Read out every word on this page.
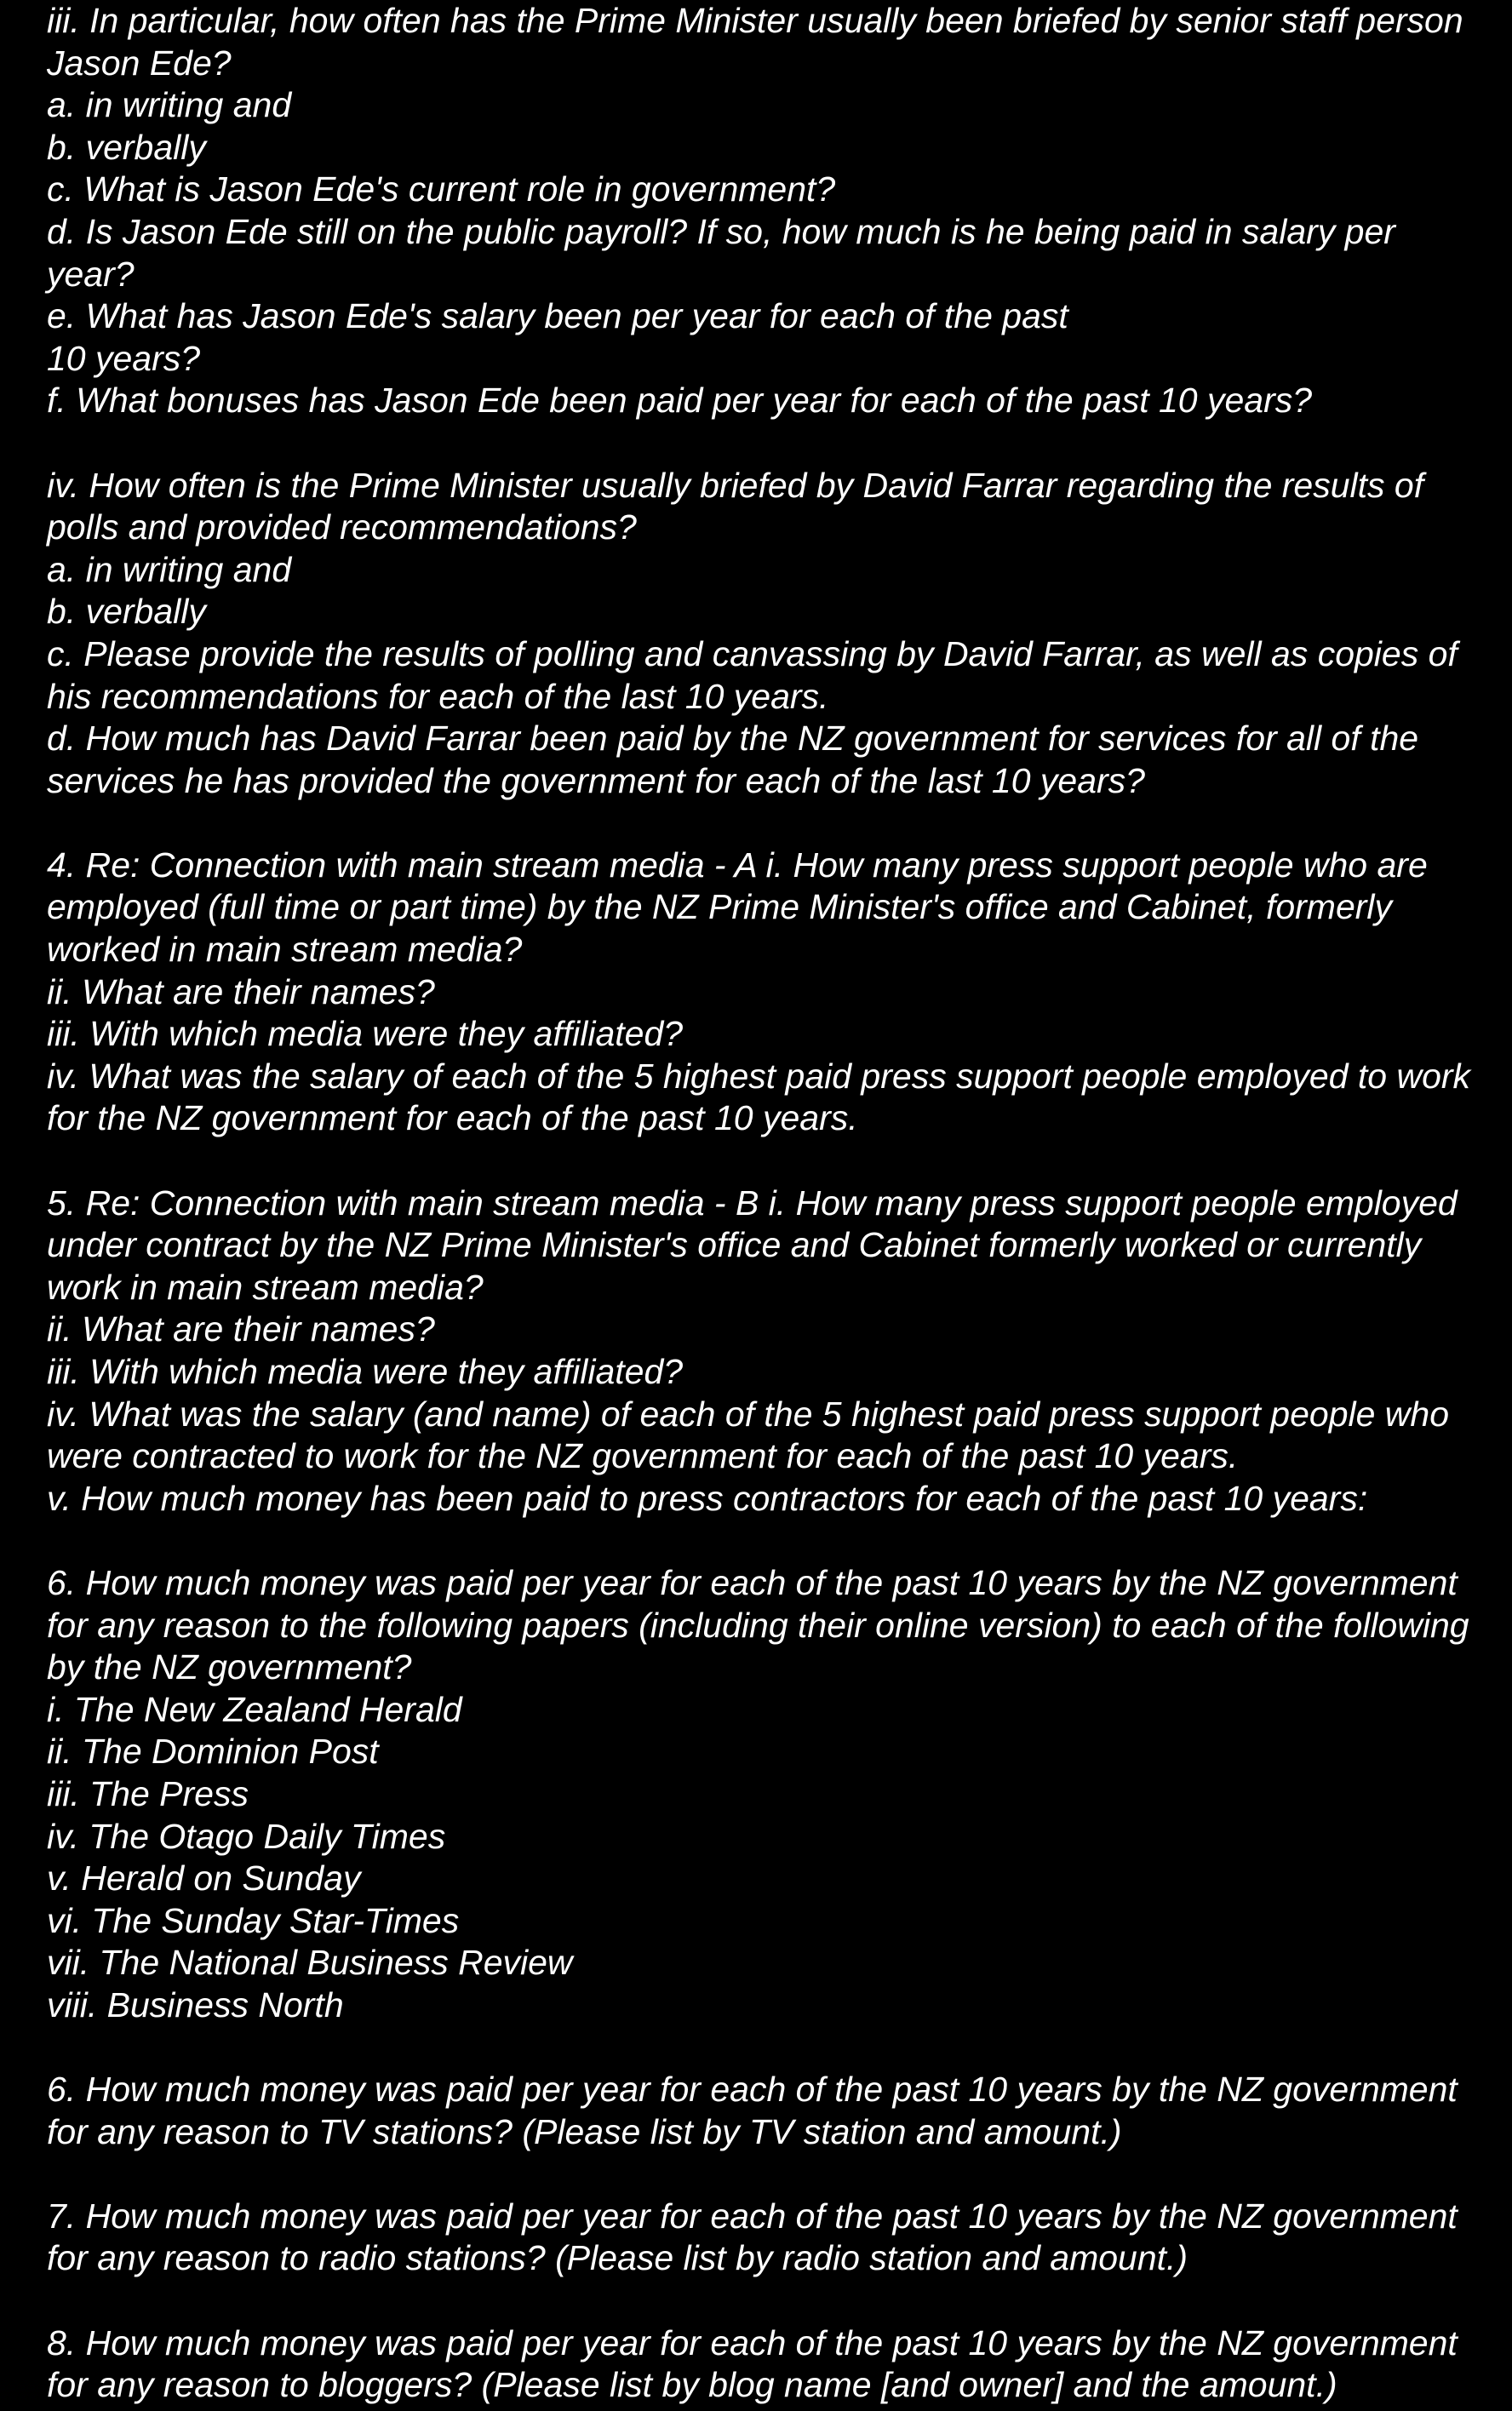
iii. In particular, how often has the Prime Minister usually been briefed by senior staff person
Jason Ede?
a. in writing and
b. verbally
c. What is Jason Ede's current role in government?
d. Is Jason Ede still on the public payroll? If so, how much is he being paid in salary per
year?
e. What has Jason Ede's salary been per year for each of the past
10 years?
f. What bonuses has Jason Ede been paid per year for each of the past 10 years?
iv. How often is the Prime Minister usually briefed by David Farrar regarding the results of
polls and provided recommendations?
a. in writing and
b. verbally
c. Please provide the results of polling and canvassing by David Farrar, as well as copies of
his recommendations for each of the last 10 years.
d. How much has David Farrar been paid by the NZ government for services for all of the
services he has provided the government for each of the last 10 years?
4. Re: Connection with main stream media - A i. How many press support people who are
employed (full time or part time) by the NZ Prime Minister's office and Cabinet, formerly
worked in main stream media?
ii. What are their names?
iii. With which media were they affiliated?
iv. What was the salary of each of the 5 highest paid press support people employed to work
for the NZ government for each of the past 10 years.
5. Re: Connection with main stream media - B i. How many press support people employed
under contract by the NZ Prime Minister's office and Cabinet formerly worked or currently
work in main stream media?
ii. What are their names?
iii. With which media were they affiliated?
iv. What was the salary (and name) of each of the 5 highest paid press support people who
were contracted to work for the NZ government for each of the past 10 years.
v. How much money has been paid to press contractors for each of the past 10 years:
6. How much money was paid per year for each of the past 10 years by the NZ government
for any reason to the following papers (including their online version) to each of the following
by the NZ government?
i. The New Zealand Herald
ii. The Dominion Post
iii. The Press
iv. The Otago Daily Times
v. Herald on Sunday
vi. The Sunday Star-Times
vii. The National Business Review
viii. Business North
6. How much money was paid per year for each of the past 10 years by the NZ government
for any reason to TV stations? (Please list by TV station and amount.)
7. How much money was paid per year for each of the past 10 years by the NZ government
for any reason to radio stations? (Please list by radio station and amount.)
8. How much money was paid per year for each of the past 10 years by the NZ government
for any reason to bloggers? (Please list by blog name [and owner] and the amount.)
